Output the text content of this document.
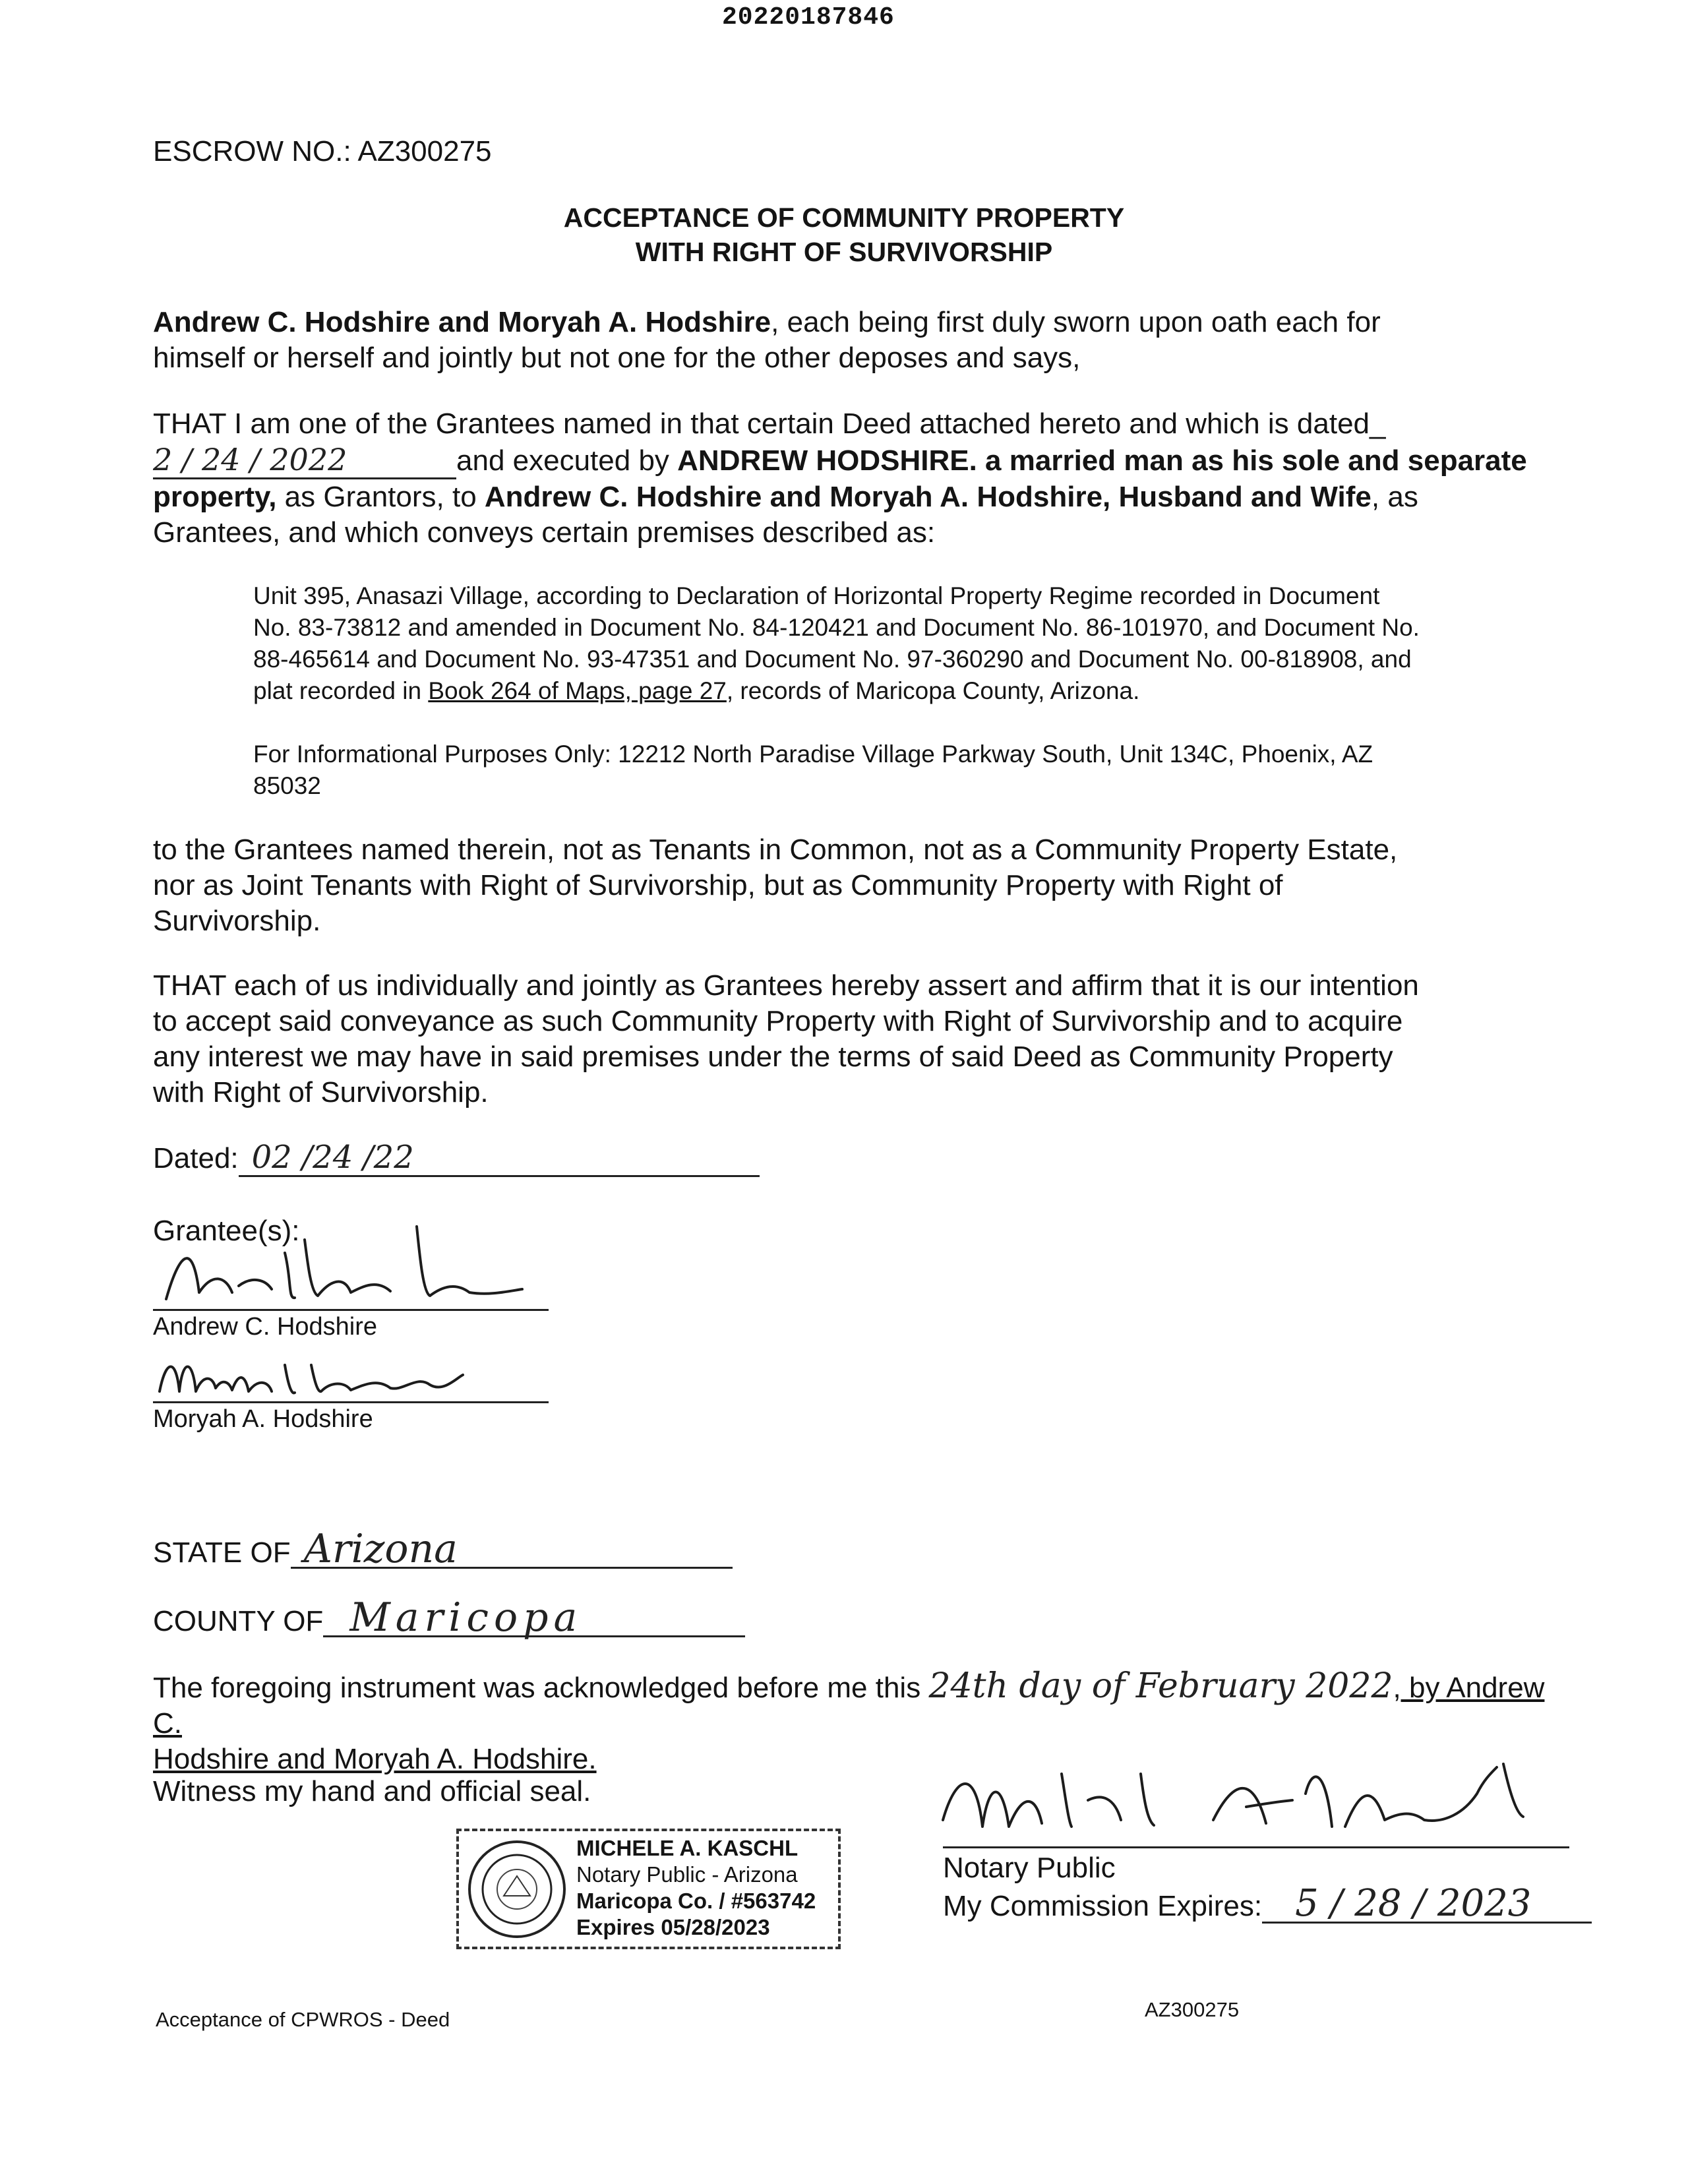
20220187846
ESCROW NO.: AZ300275
ACCEPTANCE OF COMMUNITY PROPERTY
WITH RIGHT OF SURVIVORSHIP
Andrew C. Hodshire and Moryah A. Hodshire, each being first duly sworn upon oath each for
himself or herself and jointly but not one for the other deposes and says,
THAT I am one of the Grantees named in that certain Deed attached hereto and which is dated_
2 / 24 / 2022	and executed by ANDREW HODSHIRE. a married man as his sole and separate
property, as Grantors, to Andrew C. Hodshire and Moryah A. Hodshire, Husband and Wife, as
Grantees, and which conveys certain premises described as:
Unit 395, Anasazi Village, according to Declaration of Horizontal Property Regime recorded in Document
No. 83-73812 and amended in Document No. 84-120421 and Document No. 86-101970, and Document No.
88-465614 and Document No. 93-47351 and Document No. 97-360290 and Document No. 00-818908, and
plat recorded in Book 264 of Maps, page 27, records of Maricopa County, Arizona.
For Informational Purposes Only: 12212 North Paradise Village Parkway South, Unit 134C, Phoenix, AZ
85032
to the Grantees named therein, not as Tenants in Common, not as a Community Property Estate,
nor as Joint Tenants with Right of Survivorship, but as Community Property with Right of
Survivorship.
THAT each of us individually and jointly as Grantees hereby assert and affirm that it is our intention
to accept said conveyance as such Community Property with Right of Survivorship and to acquire
any interest we may have in said premises under the terms of said Deed as Community Property
with Right of Survivorship.
Dated: 02 /24 /22
Grantee(s):
Andrew C. Hodshire
Moryah A. Hodshire
STATE OF Arizona
COUNTY OF Maricopa
The foregoing instrument was acknowledged before me this 24th day of February 2022, by Andrew C.
Hodshire and Moryah A. Hodshire.
Witness my hand and official seal.
Notary Public
My Commission Expires: 5 / 28 / 2023
MICHELE A. KASCHL
Notary Public - Arizona
Maricopa Co. / #563742
Expires 05/28/2023
Acceptance of CPWROS - Deed	AZ300275
